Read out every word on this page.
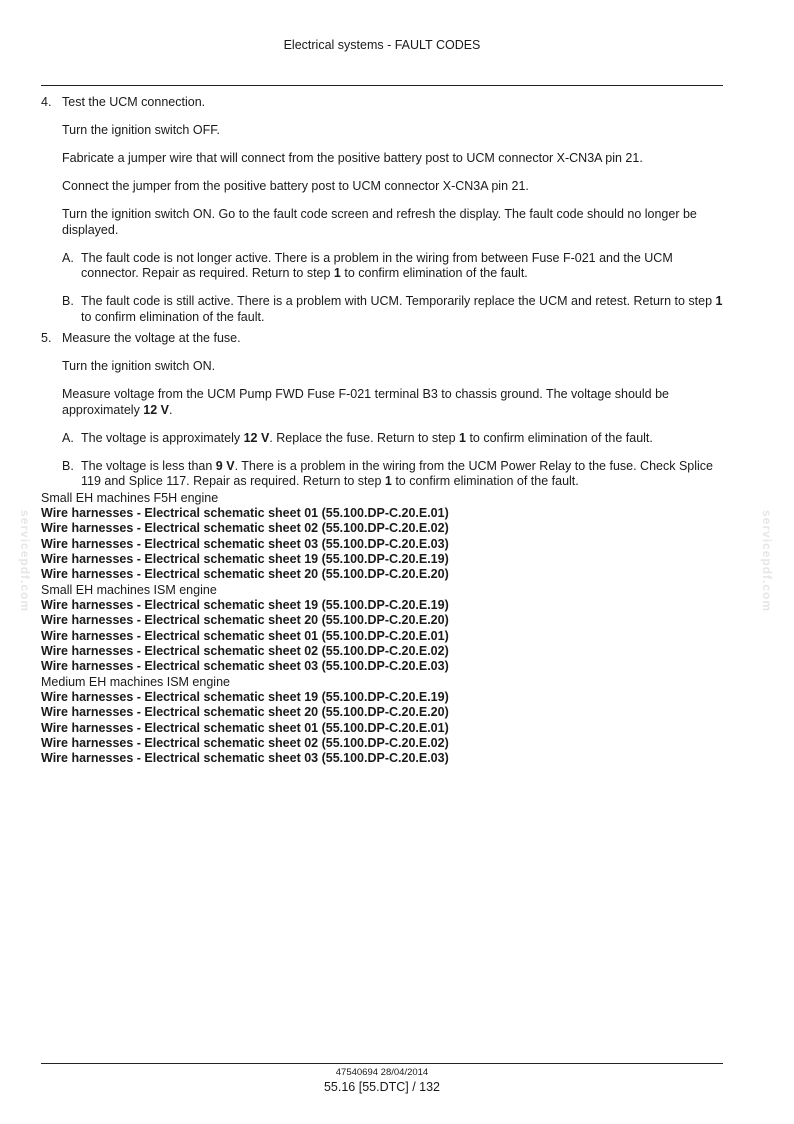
Electrical systems - FAULT CODES
servicepdf.com	servicepdf.com
4. Test the UCM connection.
Turn the ignition switch OFF.
Fabricate a jumper wire that will connect from the positive battery post to UCM connector X-CN3A pin 21.
Connect the jumper from the positive battery post to UCM connector X-CN3A pin 21.
Turn the ignition switch ON. Go to the fault code screen and refresh the display. The fault code should no longer be displayed.
A. The fault code is not longer active. There is a problem in the wiring from between Fuse F-021 and the UCM connector. Repair as required. Return to step 1 to confirm elimination of the fault.
B. The fault code is still active. There is a problem with UCM. Temporarily replace the UCM and retest. Return to step 1 to confirm elimination of the fault.
5. Measure the voltage at the fuse.
Turn the ignition switch ON.
Measure voltage from the UCM Pump FWD Fuse F-021 terminal B3 to chassis ground. The voltage should be approximately 12 V.
A. The voltage is approximately 12 V. Replace the fuse. Return to step 1 to confirm elimination of the fault.
B. The voltage is less than 9 V. There is a problem in the wiring from the UCM Power Relay to the fuse. Check Splice 119 and Splice 117. Repair as required. Return to step 1 to confirm elimination of the fault.
Small EH machines F5H engine
Wire harnesses - Electrical schematic sheet 01 (55.100.DP-C.20.E.01)
Wire harnesses - Electrical schematic sheet 02 (55.100.DP-C.20.E.02)
Wire harnesses - Electrical schematic sheet 03 (55.100.DP-C.20.E.03)
Wire harnesses - Electrical schematic sheet 19 (55.100.DP-C.20.E.19)
Wire harnesses - Electrical schematic sheet 20 (55.100.DP-C.20.E.20)
Small EH machines ISM engine
Wire harnesses - Electrical schematic sheet 19 (55.100.DP-C.20.E.19)
Wire harnesses - Electrical schematic sheet 20 (55.100.DP-C.20.E.20)
Wire harnesses - Electrical schematic sheet 01 (55.100.DP-C.20.E.01)
Wire harnesses - Electrical schematic sheet 02 (55.100.DP-C.20.E.02)
Wire harnesses - Electrical schematic sheet 03 (55.100.DP-C.20.E.03)
Medium EH machines ISM engine
Wire harnesses - Electrical schematic sheet 19 (55.100.DP-C.20.E.19)
Wire harnesses - Electrical schematic sheet 20 (55.100.DP-C.20.E.20)
Wire harnesses - Electrical schematic sheet 01 (55.100.DP-C.20.E.01)
Wire harnesses - Electrical schematic sheet 02 (55.100.DP-C.20.E.02)
Wire harnesses - Electrical schematic sheet 03 (55.100.DP-C.20.E.03)
47540694 28/04/2014
55.16 [55.DTC] / 132
